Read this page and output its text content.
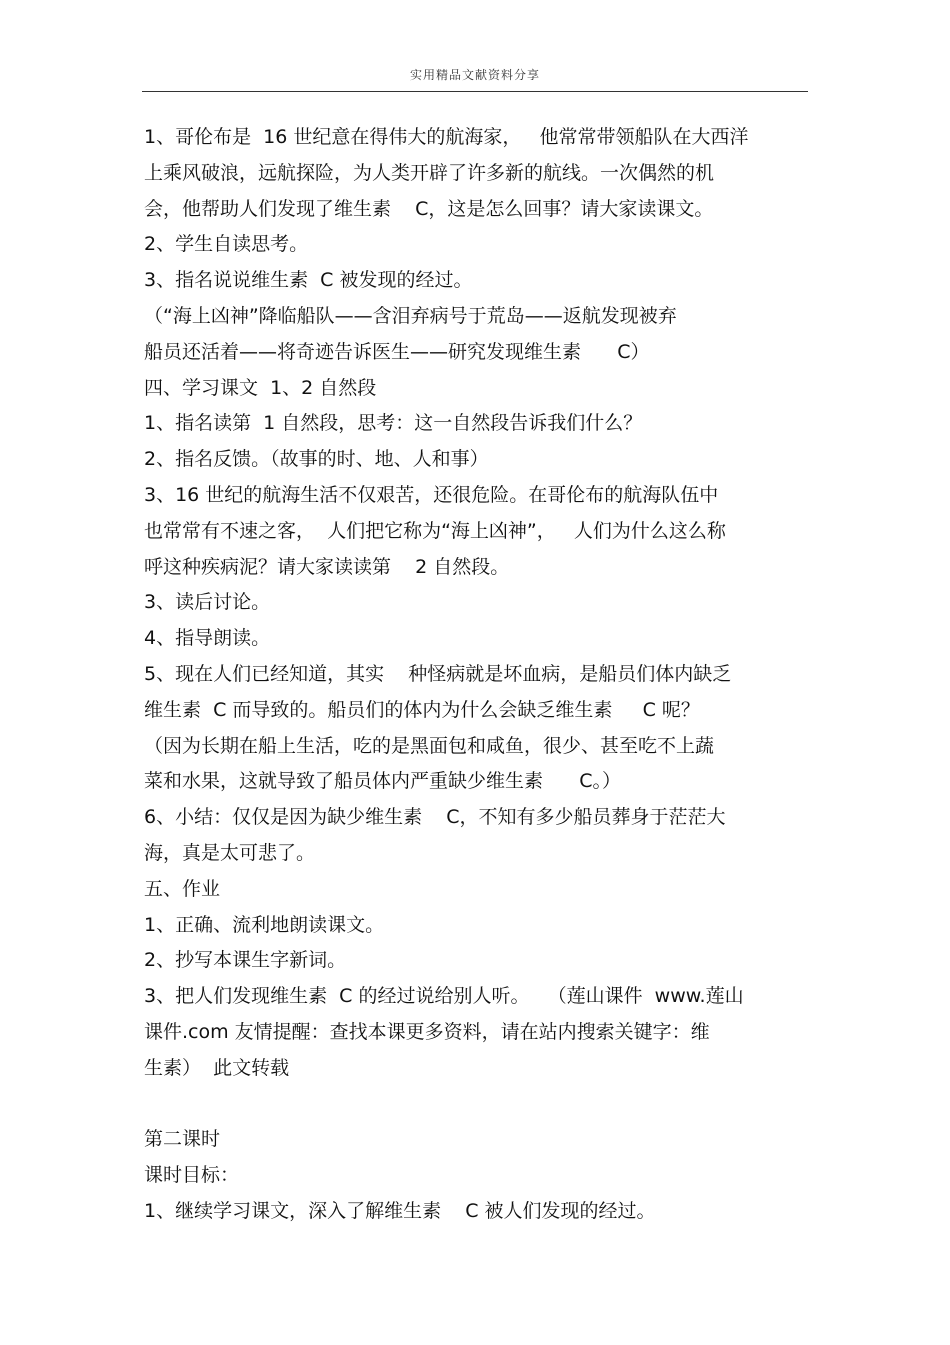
实用精品文献资料分享
1、哥伦布是  16 世纪意在得伟大的航海家，   他常常带领船队在大西洋
上乘风破浪，远航探险，为人类开辟了许多新的航线。一次偶然的机
会，他帮助人们发现了维生素    C，这是怎么回事？请大家读课文。
2、学生自读思考。
3、指名说说维生素  C 被发现的经过。
（“海上凶神”降临船队——含泪弃病号于荒岛——返航发现被弃
船员还活着——将奇迹告诉医生——研究发现维生素      C）
四、学习课文  1、2 自然段
1、指名读第  1 自然段，思考：这一自然段告诉我们什么？
2、指名反馈。（故事的时、地、人和事）
3、16 世纪的航海生活不仅艰苦，还很危险。在哥伦布的航海队伍中
也常常有不速之客，  人们把它称为“海上凶神”，   人们为什么这么称
呼这种疾病泥？请大家读读第    2 自然段。
3、读后讨论。
4、指导朗读。
5、现在人们已经知道，其实    种怪病就是坏血病，是船员们体内缺乏
维生素  C 而导致的。船员们的体内为什么会缺乏维生素     C 呢？
（因为长期在船上生活，吃的是黑面包和咸鱼，很少、甚至吃不上蔬
菜和水果，这就导致了船员体内严重缺少维生素      C。）
6、小结：仅仅是因为缺少维生素    C，不知有多少船员葬身于茫茫大
海，真是太可悲了。
五、作业
1、正确、流利地朗读课文。
2、抄写本课生字新词。
3、把人们发现维生素  C 的经过说给别人听。   （莲山课件  www.莲山
课件.com 友情提醒：查找本课更多资料，请在站内搜索关键字：维
生素）  此文转载
第二课时
课时目标：
1、继续学习课文，深入了解维生素    C 被人们发现的经过。
